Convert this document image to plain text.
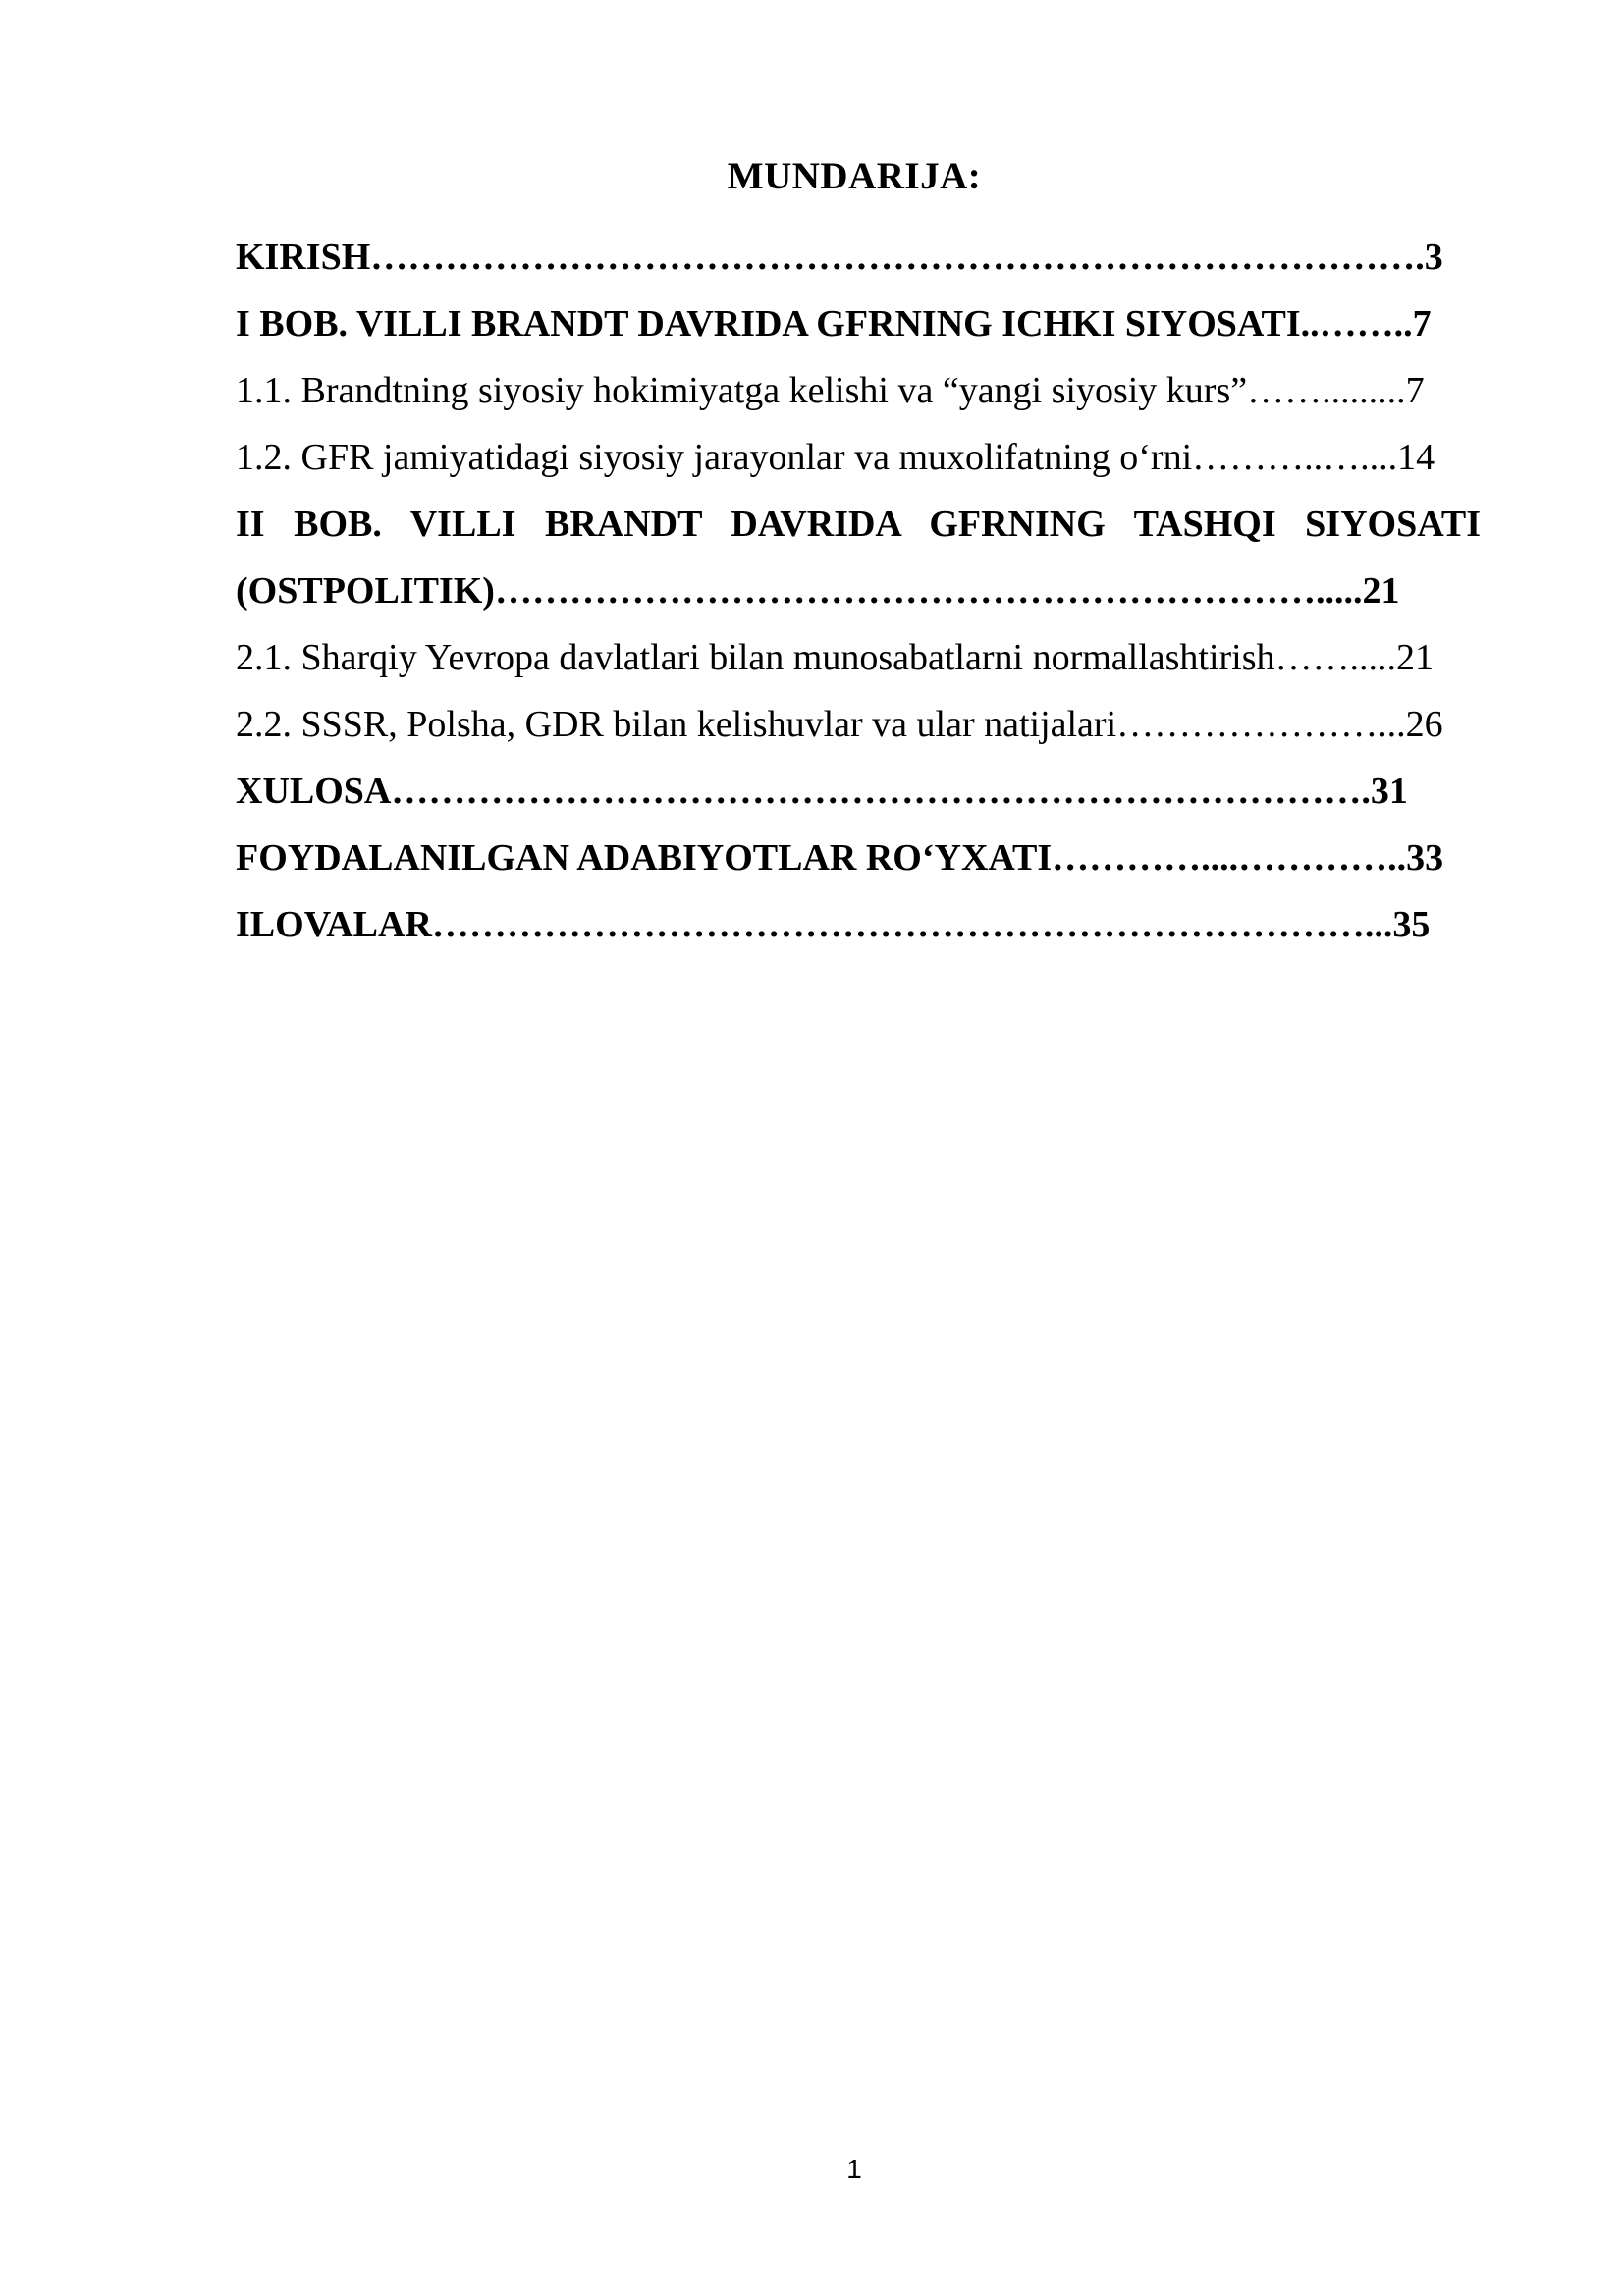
MUNDARIJA:
KIRISH………………………………………………………………………….3
I BOB. VILLI BRANDT DAVRIDA GFRNING ICHKI SIYOSATI..……..7
1.1. Brandtning siyosiy hokimiyatga kelishi va “yangi siyosiy kurs”…….........7
1.2. GFR jamiyatidagi siyosiy jarayonlar va muxolifatning o‘rni………..…....14
II BOB. VILLI BRANDT DAVRIDA GFRNING TASHQI SIYOSATI
(OSTPOLITIK)………………………………………………………….....21
2.1. Sharqiy Yevropa davlatlari bilan munosabatlarni normallashtirish…….....21
2.2. SSSR, Polsha, GDR bilan kelishuvlar va ular natijalari…………………...26
XULOSA…………………………………………………………………….31
FOYDALANILGAN ADABIYOTLAR RO‘YXATI…………....…………..33
ILOVALAR…………………………………………………………………...35
1
